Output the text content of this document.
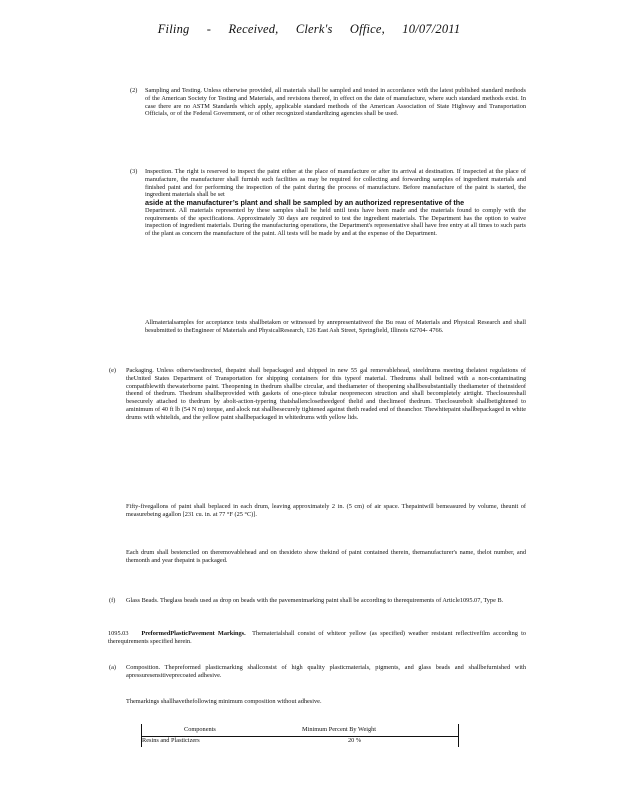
Filing - Received, Clerk's Office, 10/07/2011
(2) Sampling and Testing. Unless otherwise provided, all materials shall be sampled and tested in accordance with the latest published standard methods of the American Society for Testing and Materials, and revisions thereof, in effect on the date of manufacture, where such standard methods exist. In case there are no ASTM Standards which apply, applicable standard methods of the American Association of State Highway and Transportation Officials, or of the Federal Government, or of other recognized standardizing agencies shall be used.

(3) Inspection. The right is reserved to inspect the paint either at the place of manufacture or after its arrival at destination. If inspected at the place of manufacture, the manufacturer shall furnish such facilities as may be required for collecting and forwarding samples of ingredient materials and finished paint and for performing the inspection of the paint during the process of manufacture. Before manufacture of the paint is started, the ingredient materials shall be set

aside at the manufacturer’s plant and shall be sampled by an authorized representative of the

Department. All materials represented by these samples shall be held until tests have been made and the materials found to comply with the requirements of the specifications. Approximately 30 days are required to test the ingredient materials. The Department has the option to waive inspection of ingredient materials. During the manufacturing operations, the Department's representative shall have free entry at all times to such parts of the plant as concern the manufacture of the paint. All tests will be made by and at the expense of the Department.

Allmaterialsamples for acceptance tests shallbetaken or witnessed by anrepresentativeof the Bu reau of Materials and Physical Research and shall besubmitted to theEngineer of Materials and PhysicalResearch, 126 East Ash Street, Springfield, Illinois 62704- 4766.

(e) Packaging. Unless otherwisedirected, thepaint shall bepackaged and shipped in new 55 gal removablehead, steeldrums meeting thelatest regulations of theUnited States Department of Transportation for shipping containers for this typeof material. Thedrums shall belined with a non-contaminating compatiblewith thewaterborne paint. Theopening in thedrum shallbe circular, and thediameter of theopening shallbesubstantially thediameter of theinsideof theend of thedrum. Thedrum shallbeprovided with gaskets of one-piece tubular neoprenecon struction and shall becompletely airtight. Theclosureshall besecurely attached to thedrum by abolt-action-typering thatshallenclosetheedgeof thelid and theclimeof thedrum. Theclosurebolt shallbetightened to aminimum of 40 ft lb (54 N m) torque, and alock nut shallbesecurely tightened against theth readed end of theanchor. Thewhitepaint shallbepackaged in white drums with whitelids, and the yellow paint shallbepackaged in whitedrums with yellow lids.

Fifty-fivegallons of paint shall beplaced in each drum, leaving approximately 2 in. (5 cm) of air space. Thepaintwill bemeasured by volume, theunit of measurebeing agallon [231 cu. in. at 77 °F (25 °C)].

Each drum shall bestenciled on theremovablehead and on thesideto show thekind of paint contained therein, themanufacturer's name, thelot number, and themonth and year thepaint is packaged.

(f) Glass Beads. Theglass beads used as drop on beads with the pavementmarking paint shall be according to therequirements of Article1095.07, Type B.

1095.03 PreformedPlasticPavement Markings. Thematerialshall consist of whiteor yellow (as specified) weather resistant reflectivefilm according to therequirements specified herein.

(a) Composition. Thepreformed plasticmarking shallconsist of high quality plasticmaterials, pigments, and glass beads and shallbefurnished with apressuresensitiveprecoated adhesive.

Themarkings shallhavethefollowing minimum composition without adhesive.

Components	Minimum Percent By Weight
Resins and Plasticizers	20 %
